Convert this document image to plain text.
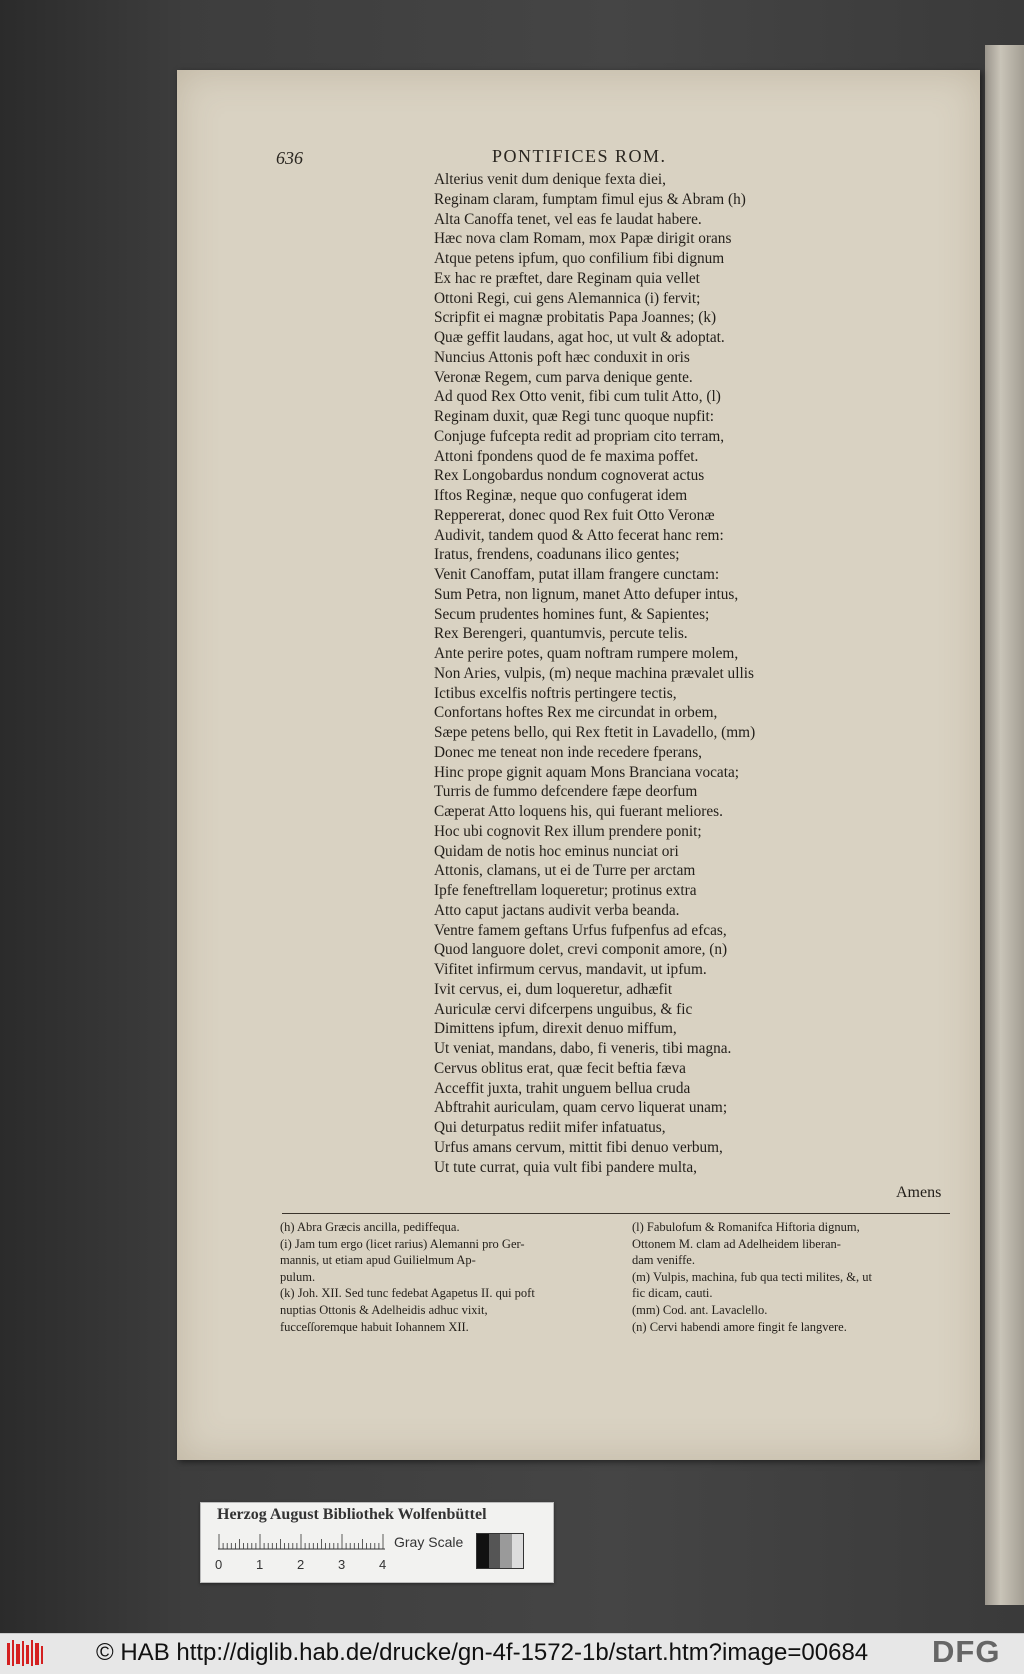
636	PONTIFICES ROM.
Alterius venit dum denique fexta diei,
Reginam claram, fumptam fimul ejus & Abram (h)
Alta Canoffa tenet, vel eas fe laudat habere.
Hæc nova clam Romam, mox Papæ dirigit orans
Atque petens ipfum, quo confilium fibi dignum
Ex hac re præftet, dare Reginam quia vellet
Ottoni Regi, cui gens Alemannica (i) fervit;
Scripfit ei magnæ probitatis Papa Joannes; (k)
Quæ geffit laudans, agat hoc, ut vult & adoptat.
Nuncius Attonis poft hæc conduxit in oris
Veronæ Regem, cum parva denique gente.
Ad quod Rex Otto venit, fibi cum tulit Atto, (l)
Reginam duxit, quæ Regi tunc quoque nupfit:
Conjuge fufcepta redit ad propriam cito terram,
Attoni fpondens quod de fe maxima poffet.
Rex Longobardus nondum cognoverat actus
Iftos Reginæ, neque quo confugerat idem
Reppererat, donec quod Rex fuit Otto Veronæ
Audivit, tandem quod & Atto fecerat hanc rem:
Iratus, frendens, coadunans ilico gentes;
Venit Canoffam, putat illam frangere cunctam:
Sum Petra, non lignum, manet Atto defuper intus,
Secum prudentes homines funt, & Sapientes;
Rex Berengeri, quantumvis, percute telis.
Ante perire potes, quam noftram rumpere molem,
Non Aries, vulpis, (m) neque machina prævalet ullis
Ictibus excelfis noftris pertingere tectis,
Confortans hoftes Rex me circundat in orbem,
Sæpe petens bello, qui Rex ftetit in Lavadello, (mm)
Donec me teneat non inde recedere fperans,
Hinc prope gignit aquam Mons Branciana vocata;
Turris de fummo defcendere fæpe deorfum
Cæperat Atto loquens his, qui fuerant meliores.
Hoc ubi cognovit Rex illum prendere ponit;
Quidam de notis hoc eminus nunciat ori
Attonis, clamans, ut ei de Turre per arctam
Ipfe feneftrellam loqueretur; protinus extra
Atto caput jactans audivit verba beanda.
Ventre famem geftans Urfus fufpenfus ad efcas,
Quod languore dolet, crevi componit amore, (n)
Vifitet infirmum cervus, mandavit, ut ipfum.
Ivit cervus, ei, dum loqueretur, adhæfit
Auriculæ cervi difcerpens unguibus, & fic
Dimittens ipfum, direxit denuo miffum,
Ut veniat, mandans, dabo, fi veneris, tibi magna.
Cervus oblitus erat, quæ fecit beftia fæva
Acceffit juxta, trahit unguem bellua cruda
Abftrahit auriculam, quam cervo liquerat unam;
Qui deturpatus rediit mifer infatuatus,
Urfus amans cervum, mittit fibi denuo verbum,
Ut tute currat, quia vult fibi pandere multa,
Amens
(h) Abra Græcis ancilla, pediffequa.
(i) Jam tum ergo (licet rarius) Alemanni pro Ger-
mannis, ut etiam apud Guilielmum Ap-
pulum.
(k) Joh. XII. Sed tunc fedebat Agapetus II. qui poft
nuptias Ottonis & Adelheidis adhuc vixit,
fucceſſoremque habuit Iohannem XII.
(l) Fabulofum & Romanifca Hiftoria dignum,
Ottonem M. clam ad Adelheidem liberan-
dam veniffe.
(m) Vulpis, machina, fub qua tecti milites, &, ut
fic dicam, cauti.
(mm) Cod. ant. Lavaclello.
(n) Cervi habendi amore fingit fe langvere.
Herzog August Bibliothek Wolfenbüttel
Gray Scale
0	1	2	3	4
© HAB http://diglib.hab.de/drucke/gn-4f-1572-1b/start.htm?image=00684 DFG
